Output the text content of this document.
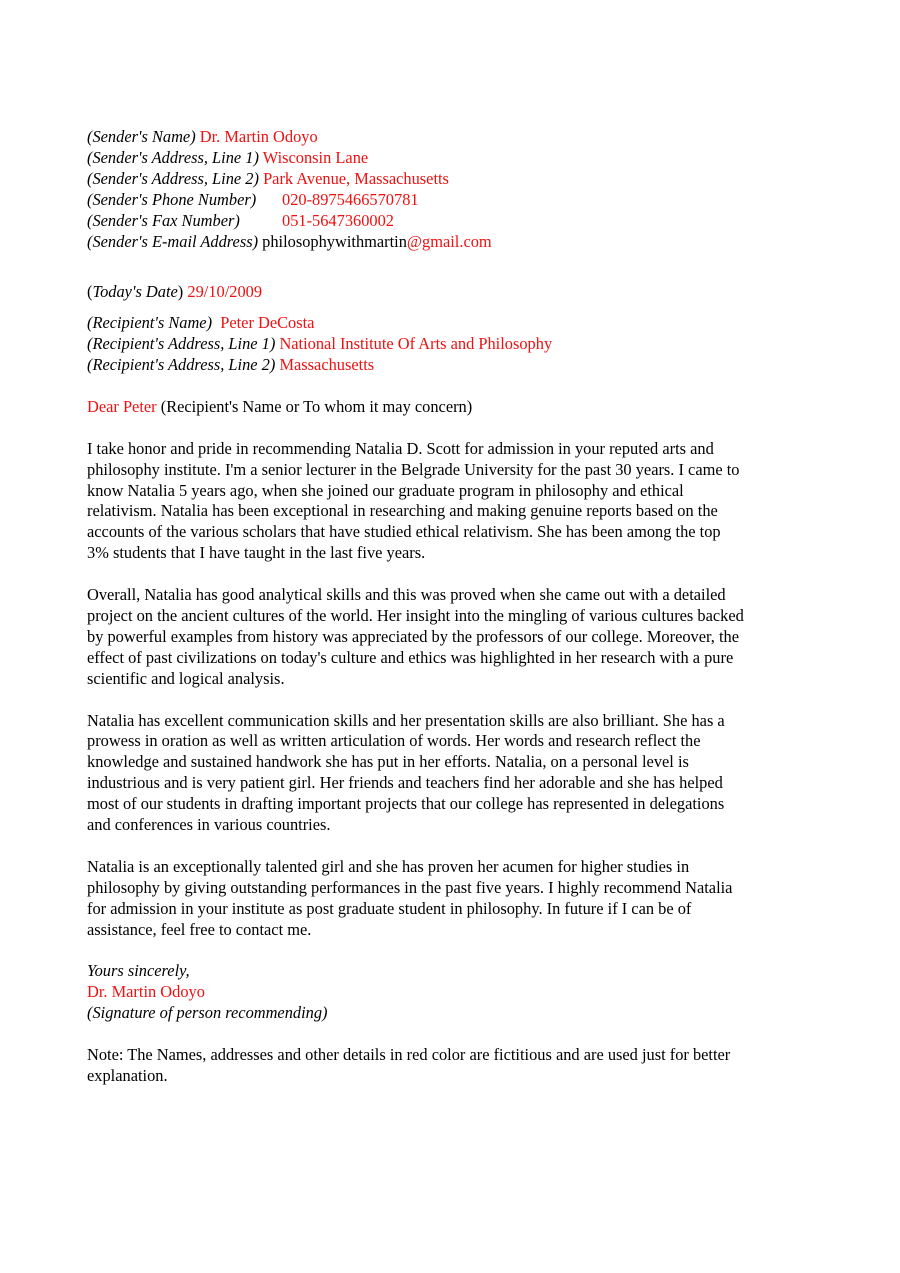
(Sender's Name) Dr. Martin Odoyo
(Sender's Address, Line 1) Wisconsin Lane
(Sender's Address, Line 2) Park Avenue, Massachusetts
(Sender's Phone Number) 020-8975466570781
(Sender's Fax Number)	051-5647360002
(Sender's E-mail Address) philosophywithmartin@gmail.com
(Today's Date) 29/10/2009
(Recipient's Name) Peter DeCosta
(Recipient's Address, Line 1) National Institute Of Arts and Philosophy
(Recipient's Address, Line 2) Massachusetts
Dear Peter (Recipient's Name or To whom it may concern)
I take honor and pride in recommending Natalia D. Scott for admission in your reputed arts and
philosophy institute. I'm a senior lecturer in the Belgrade University for the past 30 years. I came to
know Natalia 5 years ago, when she joined our graduate program in philosophy and ethical
relativism. Natalia has been exceptional in researching and making genuine reports based on the
accounts of the various scholars that have studied ethical relativism. She has been among the top
3% students that I have taught in the last five years.
Overall, Natalia has good analytical skills and this was proved when she came out with a detailed
project on the ancient cultures of the world. Her insight into the mingling of various cultures backed
by powerful examples from history was appreciated by the professors of our college. Moreover, the
effect of past civilizations on today's culture and ethics was highlighted in her research with a pure
scientific and logical analysis.
Natalia has excellent communication skills and her presentation skills are also brilliant. She has a
prowess in oration as well as written articulation of words. Her words and research reflect the
knowledge and sustained handwork she has put in her efforts. Natalia, on a personal level is
industrious and is very patient girl. Her friends and teachers find her adorable and she has helped
most of our students in drafting important projects that our college has represented in delegations
and conferences in various countries.
Natalia is an exceptionally talented girl and she has proven her acumen for higher studies in
philosophy by giving outstanding performances in the past five years. I highly recommend Natalia
for admission in your institute as post graduate student in philosophy. In future if I can be of
assistance, feel free to contact me.
Yours sincerely,
Dr. Martin Odoyo
(Signature of person recommending)
Note: The Names, addresses and other details in red color are fictitious and are used just for better
explanation.
